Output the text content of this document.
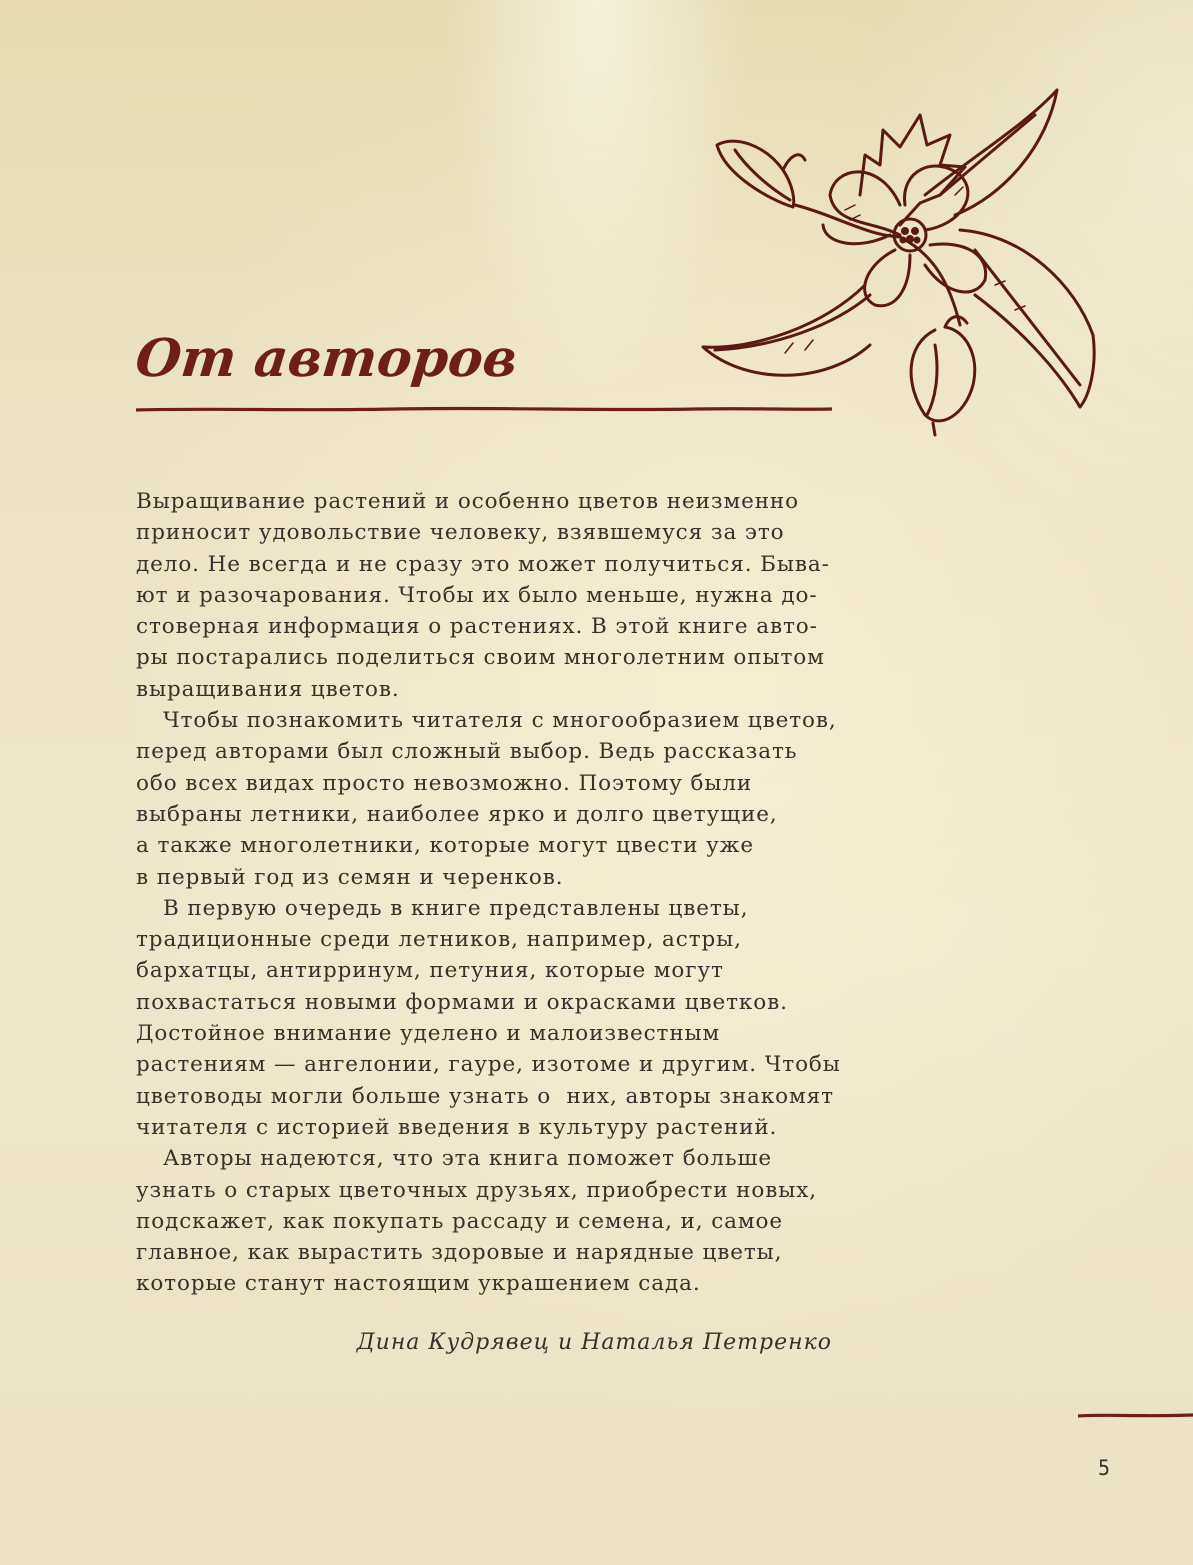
От авторов
Выращивание растений и особенно цветов неизменно
приносит удовольствие человеку, взявшемуся за это
дело. Не всегда и не сразу это может получиться. Быва-
ют и разочарования. Чтобы их было меньше, нужна до-
стоверная информация о растениях. В этой книге авто-
ры постарались поделиться своим многолетним опытом
выращивания цветов.
Чтобы познакомить читателя с многообразием цветов,
перед авторами был сложный выбор. Ведь рассказать
обо всех видах просто невозможно. Поэтому были
выбраны летники, наиболее ярко и долго цветущие,
а также многолетники, которые могут цвести уже
в первый год из семян и черенков.
В первую очередь в книге представлены цветы,
традиционные среди летников, например, астры,
бархатцы, антирринум, петуния, которые могут
похвастаться новыми формами и окрасками цветков.
Достойное внимание уделено и малоизвестным
растениям — ангелонии, гауре, изотоме и другим. Чтобы
цветоводы могли больше узнать о  них, авторы знакомят
читателя с историей введения в культуру растений.
Авторы надеются, что эта книга поможет больше
узнать о старых цветочных друзьях, приобрести новых,
подскажет, как покупать рассаду и семена, и, самое
главное, как вырастить здоровые и нарядные цветы,
которые станут настоящим украшением сада.
Дина Кудрявец и Наталья Петренко
5
